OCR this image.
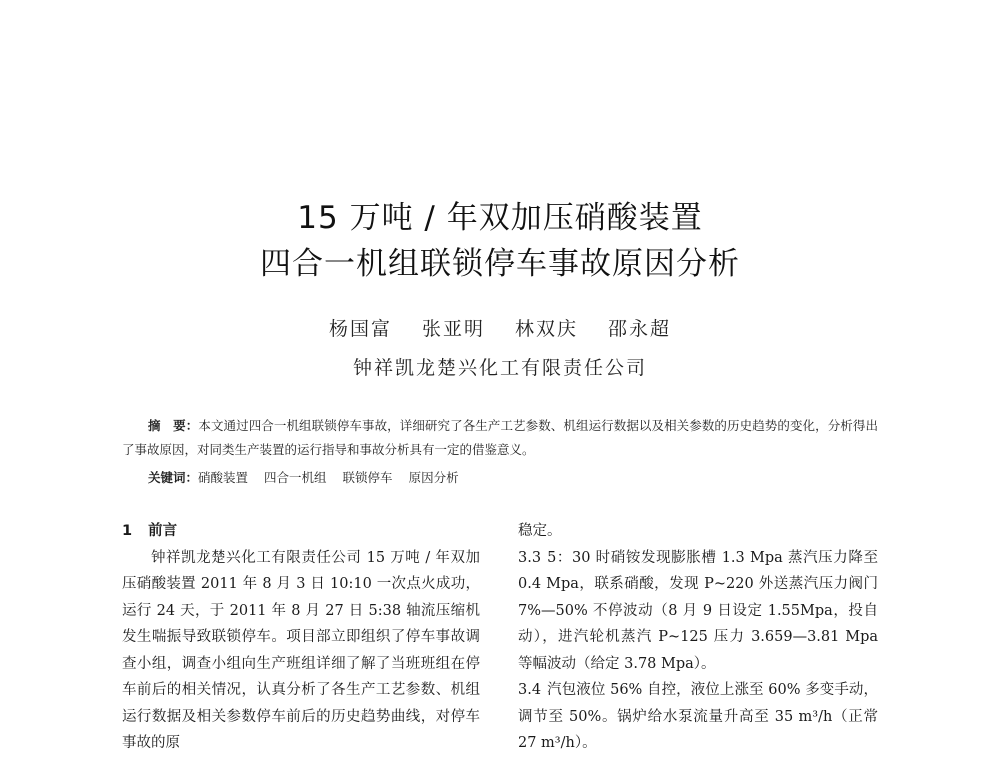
15 万吨 / 年双加压硝酸装置
四合一机组联锁停车事故原因分析
杨国富 张亚明 林双庆 邵永超
钟祥凯龙楚兴化工有限责任公司

摘　要：本文通过四合一机组联锁停车事故，详细研究了各生产工艺参数、机组运行数据以及相关参数的历史趋势的变化，分析得出了事故原因，对同类生产装置的运行指导和事故分析具有一定的借鉴意义。

关键词：硝酸装置 四合一机组 联锁停车 原因分析
1 前言

钟祥凯龙楚兴化工有限责任公司 15 万吨 / 年双加压硝酸装置 2011 年 8 月 3 日 10:10 一次点火成功，运行 24 天，于 2011 年 8 月 27 日 5:38 轴流压缩机发生喘振导致联锁停车。项目部立即组织了停车事故调查小组，调查小组向生产班组详细了解了当班班组在停车前后的相关情况，认真分析了各生产工艺参数、机组运行数据及相关参数停车前后的历史趋势曲线，对停车事故的原

稳定。

3.3 5：30 时硝铵发现膨胀槽 1.3 Mpa 蒸汽压力降至 0.4 Mpa，联系硝酸，发现 P~220 外送蒸汽压力阀门 7%—50% 不停波动（8 月 9 日设定 1.55Mpa，投自动），进汽轮机蒸汽 P~125 压力 3.659—3.81 Mpa 等幅波动（给定 3.78 Mpa）。

3.4 汽包液位 56% 自控，液位上涨至 60% 多变手动，调节至 50%。锅炉给水泵流量升高至 35 m³/h（正常 27 m³/h）。
